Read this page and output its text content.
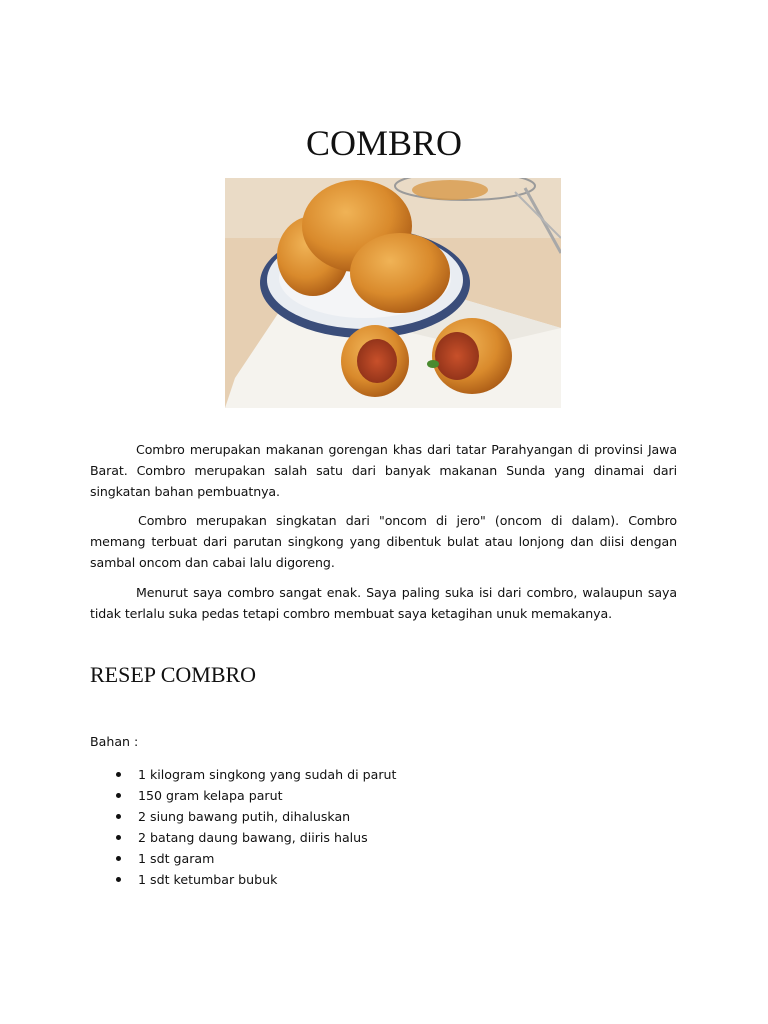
COMBRO

Combro merupakan makanan gorengan khas dari tatar Parahyangan di provinsi Jawa Barat. Combro merupakan salah satu dari banyak makanan Sunda yang dinamai dari singkatan bahan pembuatnya.

Combro merupakan singkatan dari "oncom di jero" (oncom di dalam). Combro memang terbuat dari parutan singkong yang dibentuk bulat atau lonjong dan diisi dengan sambal oncom dan cabai lalu digoreng.

Menurut saya combro sangat enak. Saya paling suka isi dari combro, walaupun saya tidak terlalu suka pedas tetapi combro membuat saya ketagihan unuk memakanya.

RESEP COMBRO
Bahan :
1 kilogram singkong yang sudah di parut
150 gram kelapa parut
2 siung bawang putih, dihaluskan
2 batang daung bawang, diiris halus
1 sdt garam
1 sdt ketumbar bubuk
